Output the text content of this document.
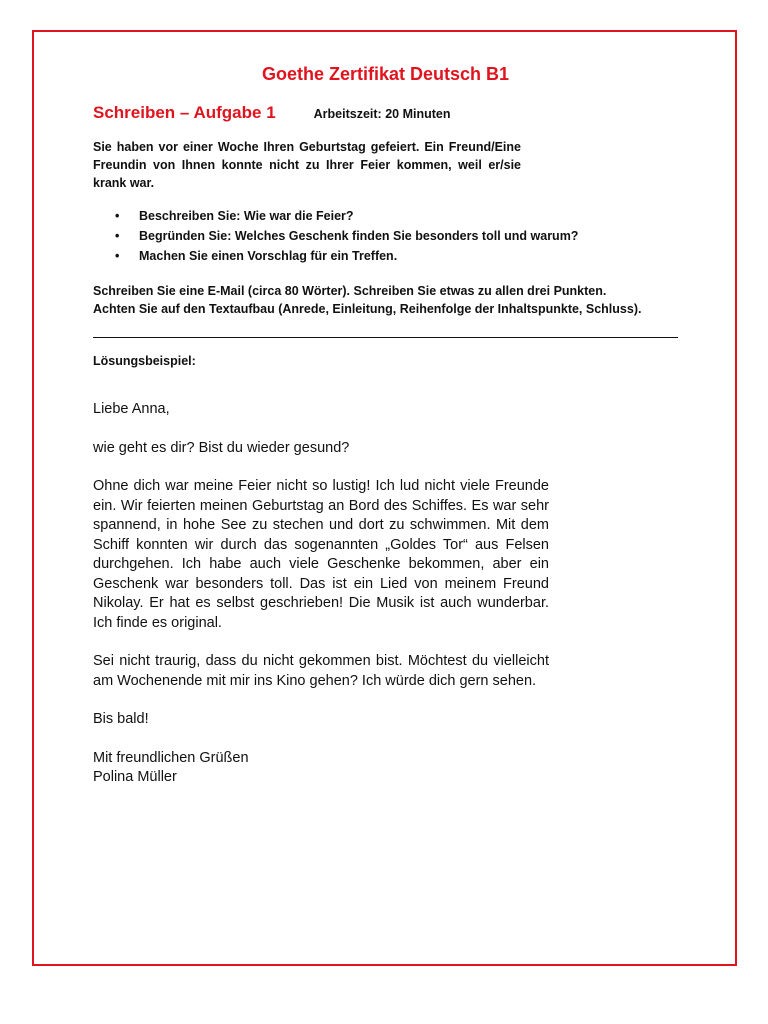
Goethe Zertifikat Deutsch B1
Schreiben – Aufgabe 1	Arbeitszeit: 20 Minuten

Sie haben vor einer Woche Ihren Geburtstag gefeiert. Ein Freund/Eine Freundin von Ihnen konnte nicht zu Ihrer Feier kommen, weil er/sie krank war.

• Beschreiben Sie: Wie war die Feier?
• Begründen Sie: Welches Geschenk finden Sie besonders toll und warum?
• Machen Sie einen Vorschlag für ein Treffen.
Schreiben Sie eine E-Mail (circa 80 Wörter). Schreiben Sie etwas zu allen drei Punkten.
Achten Sie auf den Textaufbau (Anrede, Einleitung, Reihenfolge der Inhaltspunkte, Schluss).

Lösungsbeispiel:

Liebe Anna,

wie geht es dir? Bist du wieder gesund?

Ohne dich war meine Feier nicht so lustig! Ich lud nicht viele Freunde ein. Wir feierten meinen Geburtstag an Bord des Schiffes. Es war sehr spannend, in hohe See zu stechen und dort zu schwimmen. Mit dem Schiff konnten wir durch das sogenannten „Goldes Tor“ aus Felsen durchgehen. Ich habe auch viele Geschenke bekommen, aber ein Geschenk war besonders toll. Das ist ein Lied von meinem Freund Nikolay. Er hat es selbst geschrieben! Die Musik ist auch wunderbar. Ich finde es original.

Sei nicht traurig, dass du nicht gekommen bist. Möchtest du vielleicht am Wochenende mit mir ins Kino gehen? Ich würde dich gern sehen.

Bis bald!

Mit freundlichen Grüßen

Polina Müller
